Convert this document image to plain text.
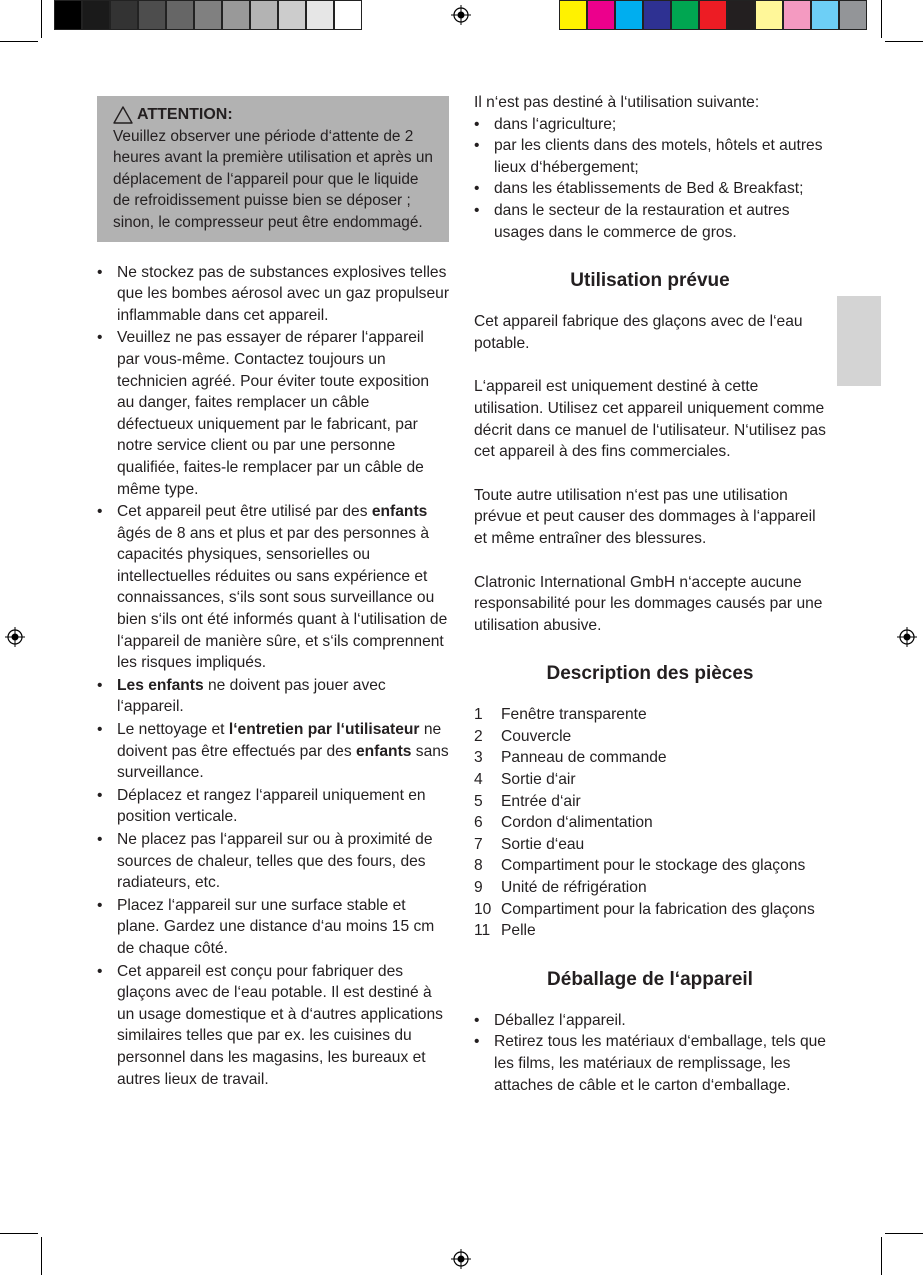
ATTENTION:
Veuillez observer une période d‘attente de 2 heures avant la première utilisation et après un déplacement de l‘appareil pour que le liquide de refroidissement puisse bien se déposer ; sinon, le compresseur peut être endommagé.
• Ne stockez pas de substances explosives telles que les bombes aérosol avec un gaz propulseur inflammable dans cet appareil.
• Veuillez ne pas essayer de réparer l‘appareil par vous-même. Contactez toujours un technicien agréé. Pour éviter toute exposition au danger, faites remplacer un câble défectueux uniquement par le fabricant, par notre service client ou par une personne qualifiée, faites-le remplacer par un câble de même type.
• Cet appareil peut être utilisé par des enfants âgés de 8 ans et plus et par des personnes à capacités physiques, sensorielles ou intellectuelles réduites ou sans expérience et connaissances, s‘ils sont sous surveillance ou bien s‘ils ont été informés quant à l‘utilisation de l‘appareil de manière sûre, et s‘ils comprennent les risques impliqués.
• Les enfants ne doivent pas jouer avec l‘appareil.
• Le nettoyage et l‘entretien par l‘utilisateur ne doivent pas être effectués par des enfants sans surveillance.
• Déplacez et rangez l‘appareil uniquement en position verticale.
• Ne placez pas l‘appareil sur ou à proximité de sources de chaleur, telles que des fours, des radiateurs, etc.
• Placez l‘appareil sur une surface stable et plane. Gardez une distance d‘au moins 15 cm de chaque côté.
• Cet appareil est conçu pour fabriquer des glaçons avec de l‘eau potable. Il est destiné à un usage domestique et à d‘autres applications similaires telles que par ex. les cuisines du personnel dans les magasins, les bureaux et autres lieux de travail.

Il n‘est pas destiné à l‘utilisation suivante:

• dans l‘agriculture;
• par les clients dans des motels, hôtels et autres lieux d‘hébergement;
• dans les établissements de Bed & Breakfast;
• dans le secteur de la restauration et autres usages dans le commerce de gros.
Utilisation prévue

Cet appareil fabrique des glaçons avec de l‘eau potable.

L‘appareil est uniquement destiné à cette utilisation. Utilisez cet appareil uniquement comme décrit dans ce manuel de l‘utilisateur. N‘utilisez pas cet appareil à des fins commerciales.

Toute autre utilisation n‘est pas une utilisation prévue et peut causer des dommages à l‘appareil et même entraîner des blessures.

Clatronic International GmbH n‘accepte aucune responsabilité pour les dommages causés par une utilisation abusive.

Description des pièces
1	Fenêtre transparente
2	Couvercle
3	Panneau de commande
4	Sortie d‘air
5	Entrée d‘air
6	Cordon d‘alimentation
7	Sortie d‘eau
8	Compartiment pour le stockage des glaçons
9	Unité de réfrigération
10 Compartiment pour la fabrication des glaçons
11 Pelle
Déballage de l‘appareil
• Déballez l‘appareil.
• Retirez tous les matériaux d‘emballage, tels que les films, les matériaux de remplissage, les attaches de câble et le carton d‘emballage.
